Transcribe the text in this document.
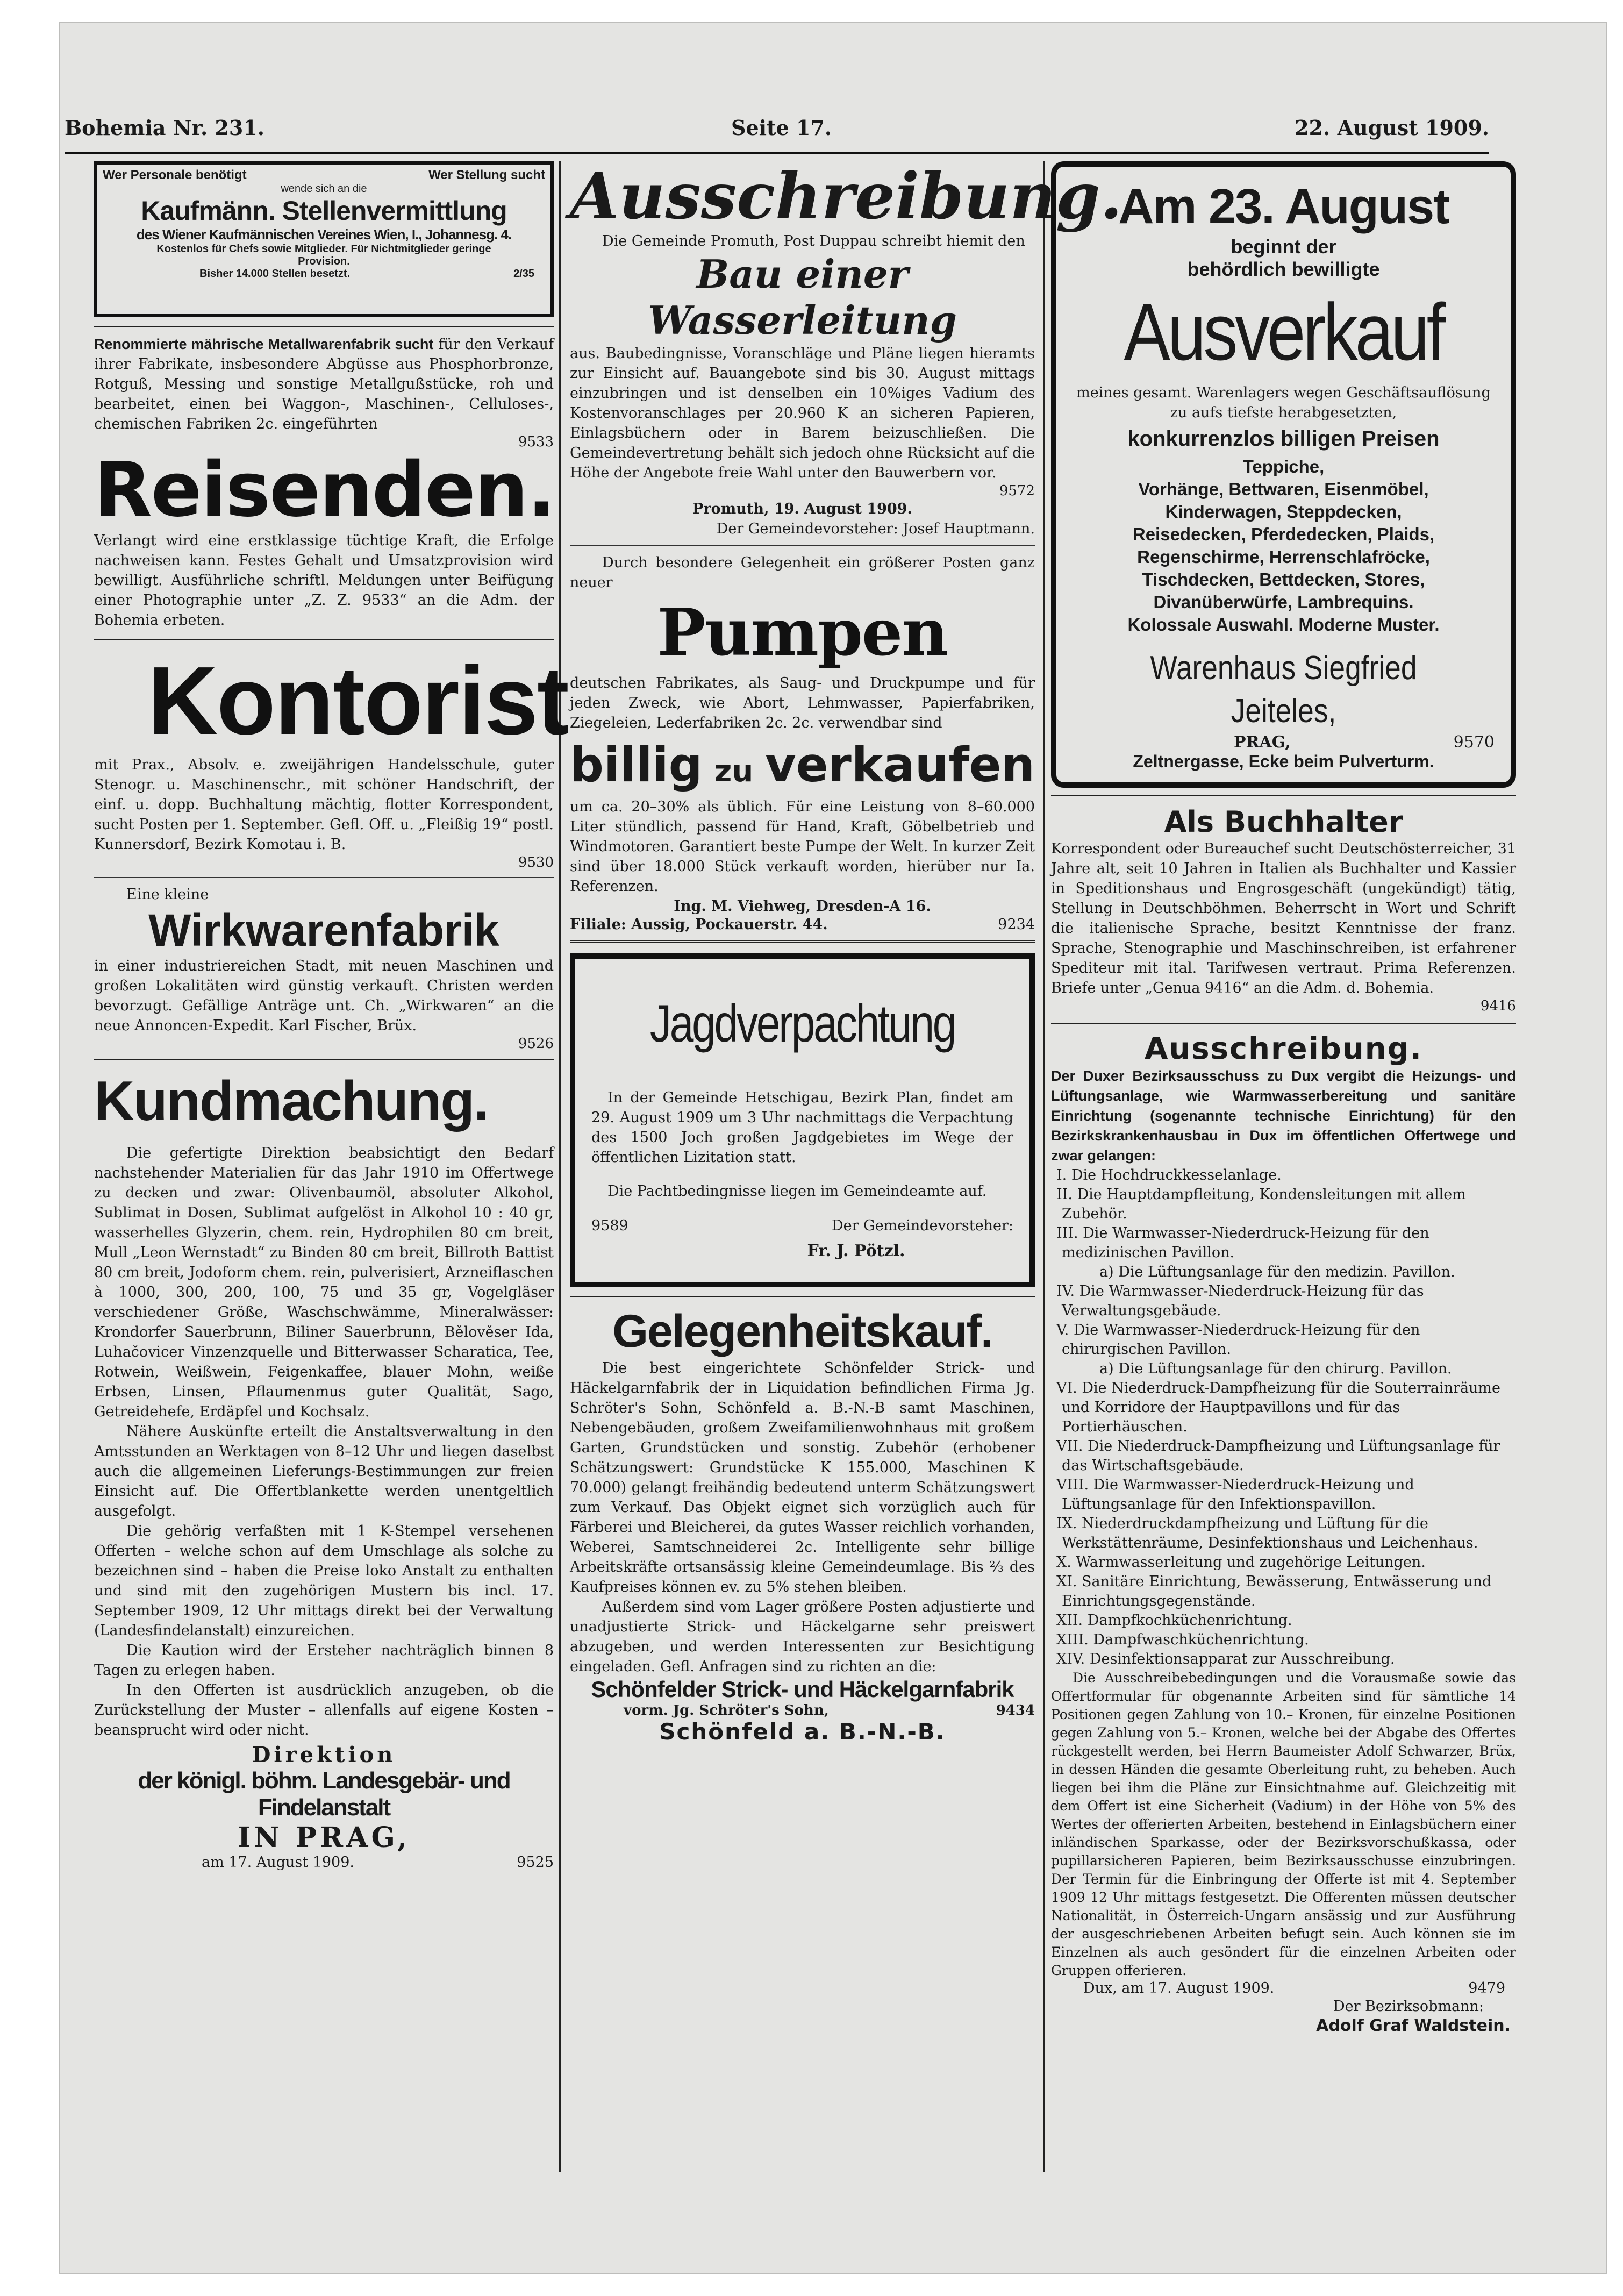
Bohemia Nr. 231.	Seite 17.	22. August 1909.
Wer Personale benötigt	Wer Stellung sucht
wende sich an die
Kaufmänn. Stellenvermittlung
des Wiener Kaufmännischen Vereines Wien, I., Johannesg. 4.
Kostenlos für Chefs sowie Mitglieder. Für Nichtmitglieder geringe Provision.
Bisher 14.000 Stellen besetzt.	2/35
Renommierte mährische Metallwarenfabrik sucht für den Verkauf ihrer Fabrikate, insbesondere Abgüsse aus Phosphorbronze, Rotguß, Messing und sonstige Metallgußstücke, roh und bearbeitet, einen bei Waggon-, Maschinen-, Celluloses-, chemischen Fabriken 2c. eingeführten
9533
Reisenden.
Verlangt wird eine erstklassige tüchtige Kraft, die Erfolge nachweisen kann. Festes Gehalt und Umsatzprovision wird bewilligt. Ausführliche schriftl. Meldungen unter Beifügung einer Photographie unter „Z. Z. 9533“ an die Adm. der Bohemia erbeten.
Kontorist
mit Prax., Absolv. e. zweijährigen Handelsschule, guter Stenogr. u. Maschinenschr., mit schöner Handschrift, der einf. u. dopp. Buchhaltung mächtig, flotter Korrespondent, sucht Posten per 1. September. Gefl. Off. u. „Fleißig 19“ postl. Kunnersdorf, Bezirk Komotau i. B.
9530
Eine kleine
Wirkwarenfabrik
in einer industriereichen Stadt, mit neuen Maschinen und großen Lokalitäten wird günstig verkauft. Christen werden bevorzugt. Gefällige Anträge unt. Ch. „Wirkwaren“ an die neue Annoncen-Expedit. Karl Fischer, Brüx.
9526
Kundmachung.
Die gefertigte Direktion beabsichtigt den Bedarf nachstehender Materialien für das Jahr 1910 im Offertwege zu decken und zwar: Olivenbaumöl, absoluter Alkohol, Sublimat in Dosen, Sublimat aufgelöst in Alkohol 10 : 40 gr, wasserhelles Glyzerin, chem. rein, Hydrophilen 80 cm breit, Mull „Leon Wernstadt“ zu Binden 80 cm breit, Billroth Battist 80 cm breit, Jodoform chem. rein, pulverisiert, Arzneiflaschen à 1000, 300, 200, 100, 75 und 35 gr, Vogelgläser verschiedener Größe, Waschschwämme, Mineralwässer: Krondorfer Sauerbrunn, Biliner Sauerbrunn, Bělověser Ida, Luhačovicer Vinzenzquelle und Bitterwasser Scharatica, Tee, Rotwein, Weißwein, Feigenkaffee, blauer Mohn, weiße Erbsen, Linsen, Pflaumenmus guter Qualität, Sago, Getreidehefe, Erdäpfel und Kochsalz.
Nähere Auskünfte erteilt die Anstaltsverwaltung in den Amtsstunden an Werktagen von 8–12 Uhr und liegen daselbst auch die allgemeinen Lieferungs-Bestimmungen zur freien Einsicht auf. Die Offertblankette werden unentgeltlich ausgefolgt.
Die gehörig verfaßten mit 1 K-Stempel versehenen Offerten – welche schon auf dem Umschlage als solche zu bezeichnen sind – haben die Preise loko Anstalt zu enthalten und sind mit den zugehörigen Mustern bis incl. 17. September 1909, 12 Uhr mittags direkt bei der Verwaltung (Landesfindelanstalt) einzureichen.
Die Kaution wird der Ersteher nachträglich binnen 8 Tagen zu erlegen haben.
In den Offerten ist ausdrücklich anzugeben, ob die Zurückstellung der Muster – allenfalls auf eigene Kosten – beansprucht wird oder nicht.
Direktion
der königl. böhm. Landesgebär- und Findelanstalt
IN PRAG,
am 17. August 1909.	9525
Ausschreibung.
Die Gemeinde Promuth, Post Duppau schreibt hiemit den
Bau einer Wasserleitung
aus. Baubedingnisse, Voranschläge und Pläne liegen hieramts zur Einsicht auf. Bauangebote sind bis 30. August mittags einzubringen und ist denselben ein 10%iges Vadium des Kostenvoranschlages per 20.960 K an sicheren Papieren, Einlagsbüchern oder in Barem beizuschließen. Die Gemeindevertretung behält sich jedoch ohne Rücksicht auf die Höhe der Angebote freie Wahl unter den Bauwerbern vor.
9572
Promuth, 19. August 1909.
Der Gemeindevorsteher: Josef Hauptmann.
Durch besondere Gelegenheit ein größerer Posten ganz neuer
Pumpen
deutschen Fabrikates, als Saug- und Druckpumpe und für jeden Zweck, wie Abort, Lehmwasser, Papierfabriken, Ziegeleien, Lederfabriken 2c. 2c. verwendbar sind
billig zu verkaufen
um ca. 20–30% als üblich. Für eine Leistung von 8–60.000 Liter stündlich, passend für Hand, Kraft, Göbelbetrieb und Windmotoren. Garantiert beste Pumpe der Welt. In kurzer Zeit sind über 18.000 Stück verkauft worden, hierüber nur Ia. Referenzen.
Ing. M. Viehweg, Dresden-A 16.
Filiale: Aussig, Pockauerstr. 44.	9234
Jagdverpachtung
In der Gemeinde Hetschigau, Bezirk Plan, findet am 29. August 1909 um 3 Uhr nachmittags die Verpachtung des 1500 Joch großen Jagdgebietes im Wege der öffentlichen Lizitation statt.
Die Pachtbedingnisse liegen im Gemeindeamte auf.
9589	Der Gemeindevorsteher:
Fr. J. Pötzl.
Gelegenheitskauf.
Die best eingerichtete Schönfelder Strick- und Häckelgarnfabrik der in Liquidation befindlichen Firma Jg. Schröter's Sohn, Schönfeld a. B.-N.-B samt Maschinen, Nebengebäuden, großem Zweifamilienwohnhaus mit großem Garten, Grundstücken und sonstig. Zubehör (erhobener Schätzungswert: Grundstücke K 155.000, Maschinen K 70.000) gelangt freihändig bedeutend unterm Schätzungswert zum Verkauf. Das Objekt eignet sich vorzüglich auch für Färberei und Bleicherei, da gutes Wasser reichlich vorhanden, Weberei, Samtschneiderei 2c. Intelligente sehr billige Arbeitskräfte ortsansässig kleine Gemeindeumlage. Bis ⅔ des Kaufpreises können ev. zu 5% stehen bleiben.
Außerdem sind vom Lager größere Posten adjustierte und unadjustierte Strick- und Häckelgarne sehr preiswert abzugeben, und werden Interessenten zur Besichtigung eingeladen. Gefl. Anfragen sind zu richten an die:
Schönfelder Strick- und Häckelgarnfabrik
vorm. Jg. Schröter's Sohn,	9434
Schönfeld a. B.-N.-B.
Am 23. August
beginnt der
behördlich bewilligte
Ausverkauf
meines gesamt. Warenlagers wegen Geschäftsauflösung zu aufs tiefste herabgesetzten,
konkurrenzlos billigen Preisen
Teppiche,
Vorhänge, Bettwaren, Eisenmöbel,
Kinderwagen, Steppdecken,
Reisedecken, Pferdedecken, Plaids,
Regenschirme, Herrenschlafröcke,
Tischdecken, Bettdecken, Stores,
Divanüberwürfe, Lambrequins.
Kolossale Auswahl. Moderne Muster.
Warenhaus Siegfried Jeiteles,
PRAG,	9570
Zeltnergasse, Ecke beim Pulverturm.
Als Buchhalter
Korrespondent oder Bureauchef sucht Deutschösterreicher, 31 Jahre alt, seit 10 Jahren in Italien als Buchhalter und Kassier in Speditionshaus und Engrosgeschäft (ungekündigt) tätig, Stellung in Deutschböhmen. Beherrscht in Wort und Schrift die italienische Sprache, besitzt Kenntnisse der franz. Sprache, Stenographie und Maschinschreiben, ist erfahrener Spediteur mit ital. Tarifwesen vertraut. Prima Referenzen. Briefe unter „Genua 9416“ an die Adm. d. Bohemia.
9416
Ausschreibung.
Der Duxer Bezirksausschuss zu Dux vergibt die Heizungs- und Lüftungsanlage, wie Warmwasserbereitung und sanitäre Einrichtung (sogenannte technische Einrichtung) für den Bezirkskrankenhausbau in Dux im öffentlichen Offertwege und zwar gelangen:
I. Die Hochdruckkesselanlage.
II. Die Hauptdampfleitung, Kondensleitungen mit allem Zubehör.
III. Die Warmwasser-Niederdruck-Heizung für den medizinischen Pavillon.
a) Die Lüftungsanlage für den medizin. Pavillon.
IV. Die Warmwasser-Niederdruck-Heizung für das Verwaltungsgebäude.
V. Die Warmwasser-Niederdruck-Heizung für den chirurgischen Pavillon.
a) Die Lüftungsanlage für den chirurg. Pavillon.
VI. Die Niederdruck-Dampfheizung für die Souterrainräume und Korridore der Hauptpavillons und für das Portierhäuschen.
VII. Die Niederdruck-Dampfheizung und Lüftungsanlage für das Wirtschaftsgebäude.
VIII. Die Warmwasser-Niederdruck-Heizung und Lüftungsanlage für den Infektionspavillon.
IX. Niederdruckdampfheizung und Lüftung für die Werkstättenräume, Desinfektionshaus und Leichenhaus.
X. Warmwasserleitung und zugehörige Leitungen.
XI. Sanitäre Einrichtung, Bewässerung, Entwässerung und Einrichtungsgegenstände.
XII. Dampfkochküchenrichtung.
XIII. Dampfwaschküchenrichtung.
XIV. Desinfektionsapparat zur Ausschreibung.
Die Ausschreibebedingungen und die Vorausmaße sowie das Offertformular für obgenannte Arbeiten sind für sämtliche 14 Positionen gegen Zahlung von 10.– Kronen, für einzelne Positionen gegen Zahlung von 5.– Kronen, welche bei der Abgabe des Offertes rückgestellt werden, bei Herrn Baumeister Adolf Schwarzer, Brüx, in dessen Händen die gesamte Oberleitung ruht, zu beheben. Auch liegen bei ihm die Pläne zur Einsichtnahme auf. Gleichzeitig mit dem Offert ist eine Sicherheit (Vadium) in der Höhe von 5% des Wertes der offerierten Arbeiten, bestehend in Einlagsbüchern einer inländischen Sparkasse, oder der Bezirksvorschußkassa, oder pupillarsicheren Papieren, beim Bezirksausschusse einzubringen. Der Termin für die Einbringung der Offerte ist mit 4. September 1909 12 Uhr mittags festgesetzt. Die Offerenten müssen deutscher Nationalität, in Österreich-Ungarn ansässig und zur Ausführung der ausgeschriebenen Arbeiten befugt sein. Auch können sie im Einzelnen als auch gesöndert für die einzelnen Arbeiten oder Gruppen offerieren.
Dux, am 17. August 1909.	9479
Der Bezirksobmann:
Adolf Graf Waldstein.
